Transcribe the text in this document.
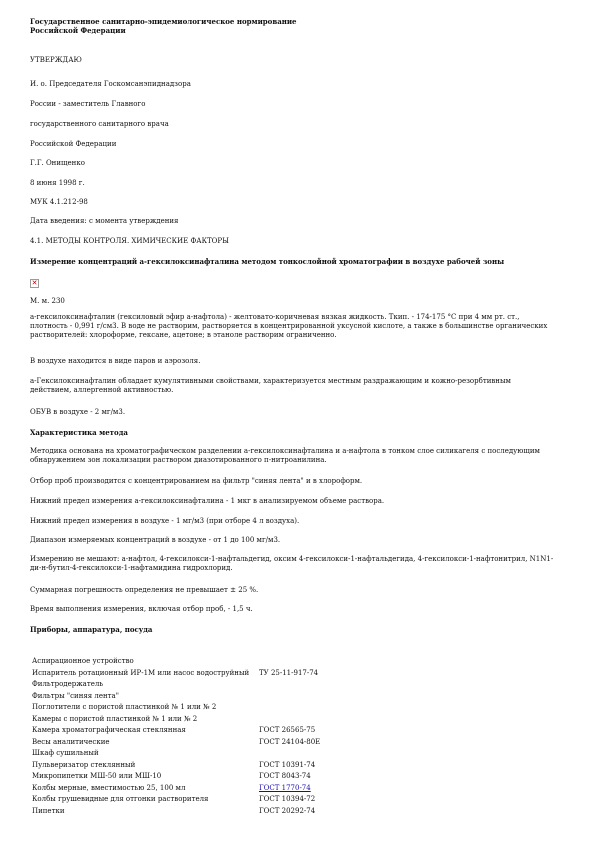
Государственное санитарно-эпидемиологическое нормирование
Российской Федерации
УТВЕРЖДАЮ
И. о. Председателя Госкомсанэпиднадзора
России - заместитель Главного
государственного санитарного врача
Российской Федерации
Г.Г. Онищенко
8 июня 1998 г.
МУК 4.1.212-98
Дата введения: с момента утверждения
4.1. МЕТОДЫ КОНТРОЛЯ. ХИМИЧЕСКИЕ ФАКТОРЫ
Измерение концентраций а-гексилоксинафталина методом тонкослойной хроматографии в воздухе рабочей зоны
✕
М. м. 230
а-гексилоксинафталин (гексиловый эфир а-нафтола) - желтовато-коричневая вязкая жидкость. Tкип. - 174-175 °С при 4 мм рт. ст.,
плотность - 0,991 г/см3. В воде не растворим, растворяется в концентрированной уксусной кислоте, а также в большинстве органических
растворителей: хлороформе, гексане, ацетоне; в этаноле растворим ограниченно.
В воздухе находится в виде паров и аэрозоля.
а-Гексилоксинафталин обладает кумулятивными свойствами, характеризуется местным раздражающим и кожно-резорбтивным
действием, аллергенной активностью.
ОБУВ в воздухе - 2 мг/м3.
Характеристика метода
Методика основана на хроматографическом разделении а-гексилоксинафталина и а-нафтола в тонком слое силикагеля с последующим
обнаружением зон локализации раствором диазотированного п-нитроанилина.
Отбор проб производится с концентрированием на фильтр "синяя лента" и в хлороформ.
Нижний предел измерения а-гексилоксинафталина - 1 мкг в анализируемом объеме раствора.
Нижний предел измерения в воздухе - 1 мг/м3 (при отборе 4 л воздуха).
Диапазон измеряемых концентраций в воздухе - от 1 до 100 мг/м3.
Измерению не мешают: а-нафтол, 4-гексилокси-1-нафтальдегид, оксим 4-гексилокси-1-нафтальдегида, 4-гексилокси-1-нафтонитрил, N1N1-
ди-н-бутил-4-гексилокси-1-нафтамидина гидрохлорид.
Суммарная погрешность определения не превышает ± 25 %.
Время выполнения измерения, включая отбор проб, - 1,5 ч.
Приборы, аппаратура, посуда
Аспирационное устройство	
Испаритель ротационный ИР-1М или насос водоструйный	ТУ 25-11-917-74
Фильтродержатель	
Фильтры "синяя лента"	
Поглотители с пористой пластинкой № 1 или № 2	
Камеры с пористой пластинкой № 1 или № 2	
Камера хроматографическая стеклянная	ГОСТ 26565-75
Весы аналитические	ГОСТ 24104-80Е
Шкаф сушильный	
Пульверизатор стеклянный	ГОСТ 10391-74
Микропипетки МШ-50 или МШ-10	ГОСТ 8043-74
Колбы мерные, вместимостью 25, 100 мл	ГОСТ 1770-74
Колбы грушевидные для отгонки растворителя	ГОСТ 10394-72
Пипетки	ГОСТ 20292-74
